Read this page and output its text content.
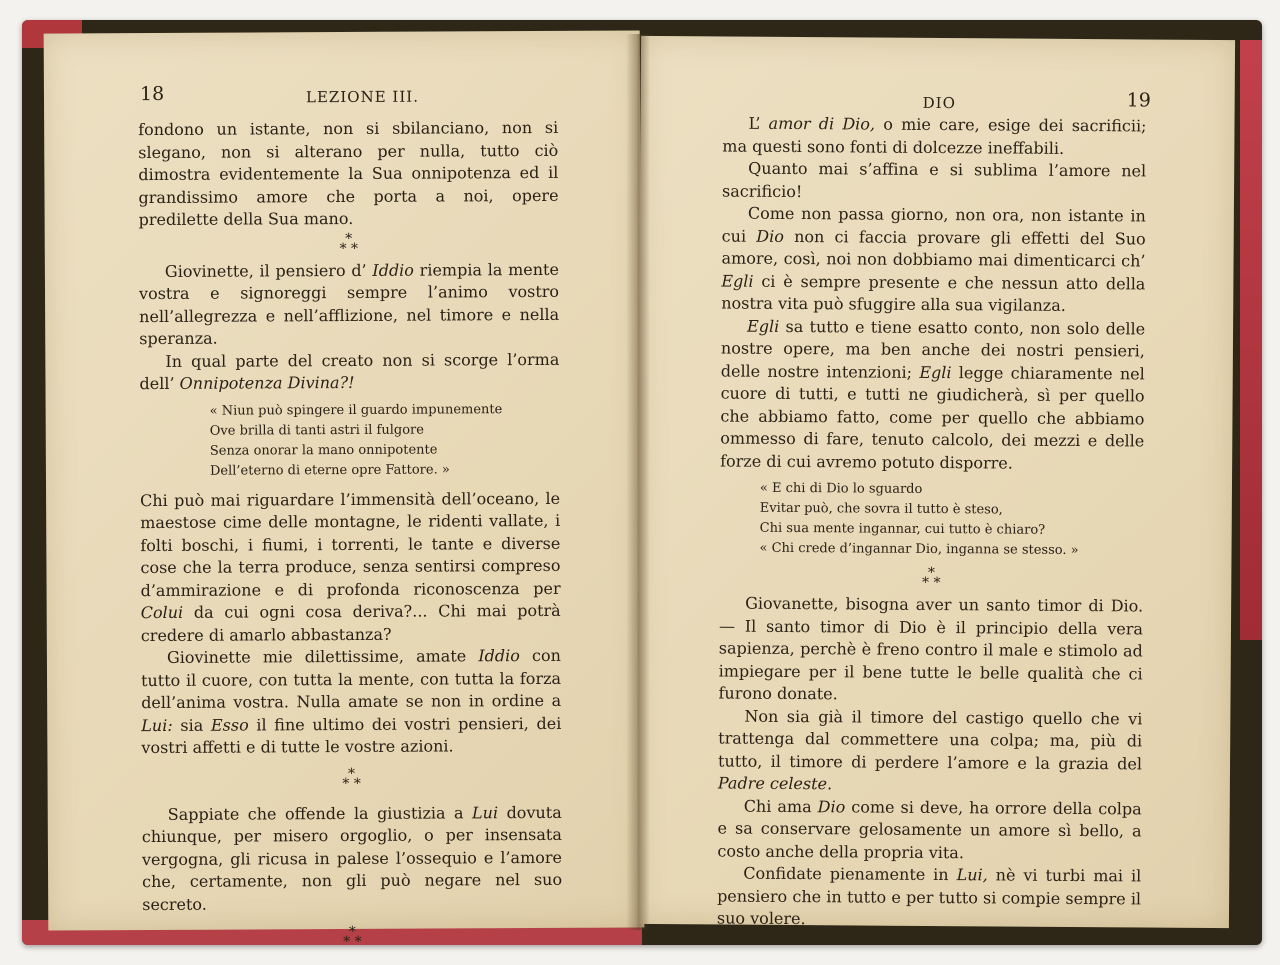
18	LEZIONE III.

fondono un istante, non si sbilanciano, non si slegano, non si alterano per nulla, tutto ciò dimostra evidentemente la Sua onnipotenza ed il grandissimo amore che porta a noi, opere predilette della Sua mano.

*
* *

Giovinette, il pensiero d’ Iddio riempia la mente vostra e signoreggi sempre l’animo vostro nell’allegrezza e nell’afflizione, nel timore e nella speranza.

In qual parte del creato non si scorge l’orma dell’ Onnipotenza Divina?!

« Niun può spingere il guardo impunemente
Ove brilla di tanti astri il fulgore
Senza onorar la mano onnipotente
Dell’eterno di eterne opre Fattore. »

Chi può mai riguardare l’immensità dell’oceano, le maestose cime delle montagne, le ridenti vallate, i folti boschi, i fiumi, i torrenti, le tante e diverse cose che la terra produce, senza sentirsi compreso d’ammirazione e di profonda riconoscenza per Colui da cui ogni cosa deriva?... Chi mai potrà credere di amarlo abbastanza?

Giovinette mie dilettissime, amate Iddio con tutto il cuore, con tutta la mente, con tutta la forza dell’anima vostra. Nulla amate se non in ordine a Lui: sia Esso il fine ultimo dei vostri pensieri, dei vostri affetti e di tutte le vostre azioni.

*
* *

Sappiate che offende la giustizia a Lui dovuta chiunque, per misero orgoglio, o per insensata vergogna, gli ricusa in palese l’ossequio e l’amore che, certamente, non gli può negare nel suo secreto.

*
* *
DIO	19

L’ amor di Dio, o mie care, esige dei sacrificii; ma questi sono fonti di dolcezze ineffabili.

Quanto mai s’affina e si sublima l’amore nel sacrificio!

Come non passa giorno, non ora, non istante in cui Dio non ci faccia provare gli effetti del Suo amore, così, noi non dobbiamo mai dimenticarci ch’ Egli ci è sempre presente e che nessun atto della nostra vita può sfuggire alla sua vigilanza.

Egli sa tutto e tiene esatto conto, non solo delle nostre opere, ma ben anche dei nostri pensieri, delle nostre intenzioni; Egli legge chiaramente nel cuore di tutti, e tutti ne giudicherà, sì per quello che abbiamo fatto, come per quello che abbiamo ommesso di fare, tenuto calcolo, dei mezzi e delle forze di cui avremo potuto disporre.

« E chi di Dio lo sguardo
Evitar può, che sovra il tutto è steso,
Chi sua mente ingannar, cui tutto è chiaro?
« Chi crede d’ingannar Dio, inganna se stesso. »
*
* *

Giovanette, bisogna aver un santo timor di Dio. — Il santo timor di Dio è il principio della vera sapienza, perchè è freno contro il male e stimolo ad impiegare per il bene tutte le belle qualità che ci furono donate.

Non sia già il timore del castigo quello che vi trattenga dal commettere una colpa; ma, più di tutto, il timore di perdere l’amore e la grazia del Padre celeste.

Chi ama Dio come si deve, ha orrore della colpa e sa conservare gelosamente un amore sì bello, a costo anche della propria vita.

Confidate pienamente in Lui, nè vi turbi mai il pensiero che in tutto e per tutto si compie sempre il suo volere.
